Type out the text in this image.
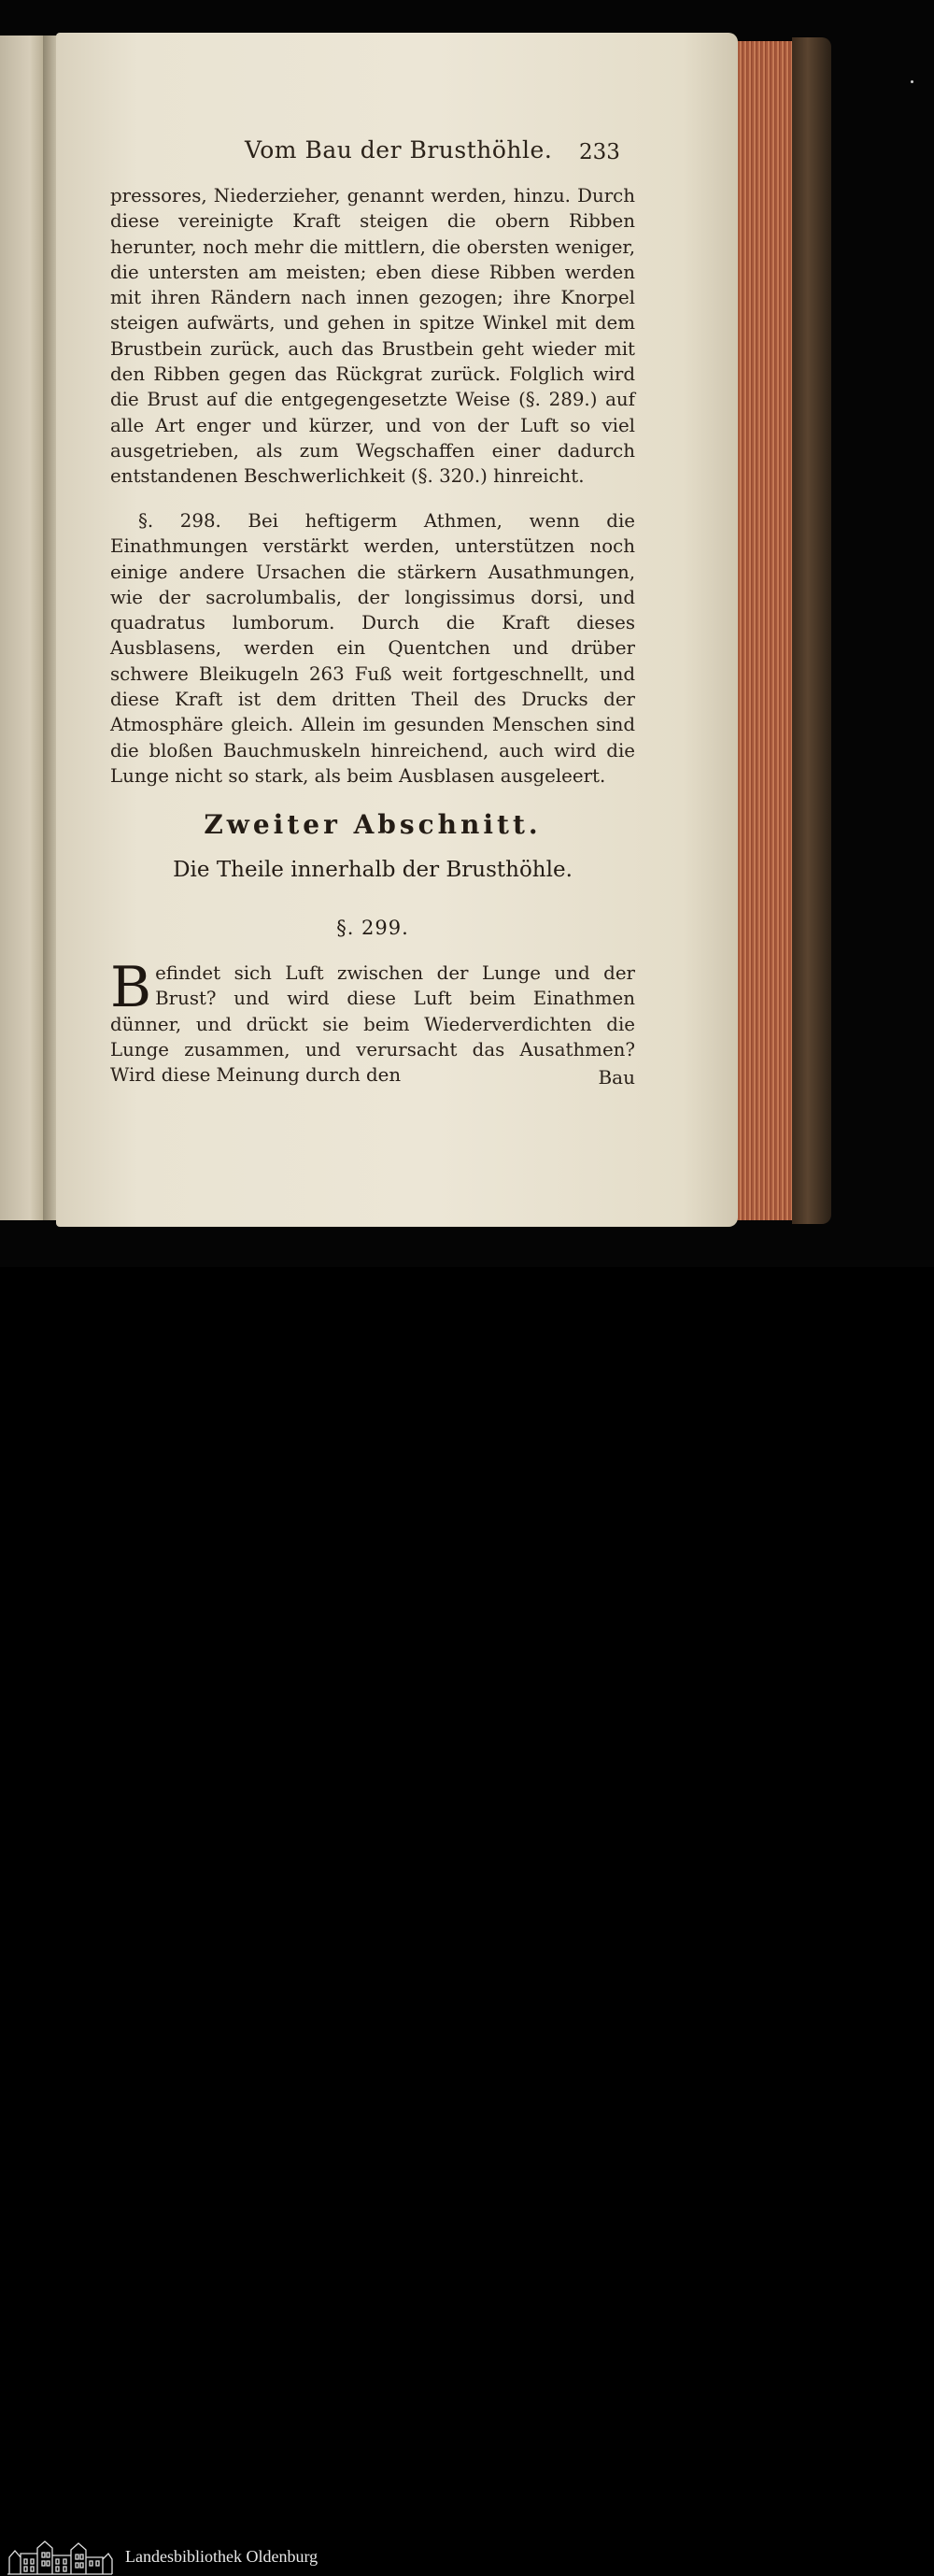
Vom Bau der Brusthöhle. 233
pressores, Niederzieher, genannt werden, hinzu. Durch diese vereinigte Kraft steigen die obern Ribben herunter, noch mehr die mittlern, die obersten weniger, die untersten am meisten; eben diese Ribben werden mit ihren Rändern nach innen gezogen; ihre Knorpel steigen aufwärts, und gehen in spitze Winkel mit dem Brustbein zurück, auch das Brustbein geht wieder mit den Ribben gegen das Rückgrat zurück. Folglich wird die Brust auf die entgegengesetzte Weise (§. 289.) auf alle Art enger und kürzer, und von der Luft so viel ausgetrieben, als zum Wegschaffen einer dadurch entstandenen Beschwerlichkeit (§. 320.) hinreicht.
§. 298. Bei heftigerm Athmen, wenn die Einathmungen verstärkt werden, unterstützen noch einige andere Ursachen die stärkern Ausathmungen, wie der sacrolumbalis, der longissimus dorsi, und quadratus lumborum. Durch die Kraft dieses Ausblasens, werden ein Quentchen und drüber schwere Bleikugeln 263 Fuß weit fortgeschnellt, und diese Kraft ist dem dritten Theil des Drucks der Atmosphäre gleich. Allein im gesunden Menschen sind die bloßen Bauchmuskeln hinreichend, auch wird die Lunge nicht so stark, als beim Ausblasen ausgeleert.
Zweiter Abschnitt.
Die Theile innerhalb der Brusthöhle.
§. 299.
Befindet sich Luft zwischen der Lunge und der Brust? und wird diese Luft beim Einathmen dünner, und drückt sie beim Wiederverdichten die Lunge zusammen, und verursacht das Ausathmen? Wird diese Meinung durch den	Bau
Landesbibliothek Oldenburg
